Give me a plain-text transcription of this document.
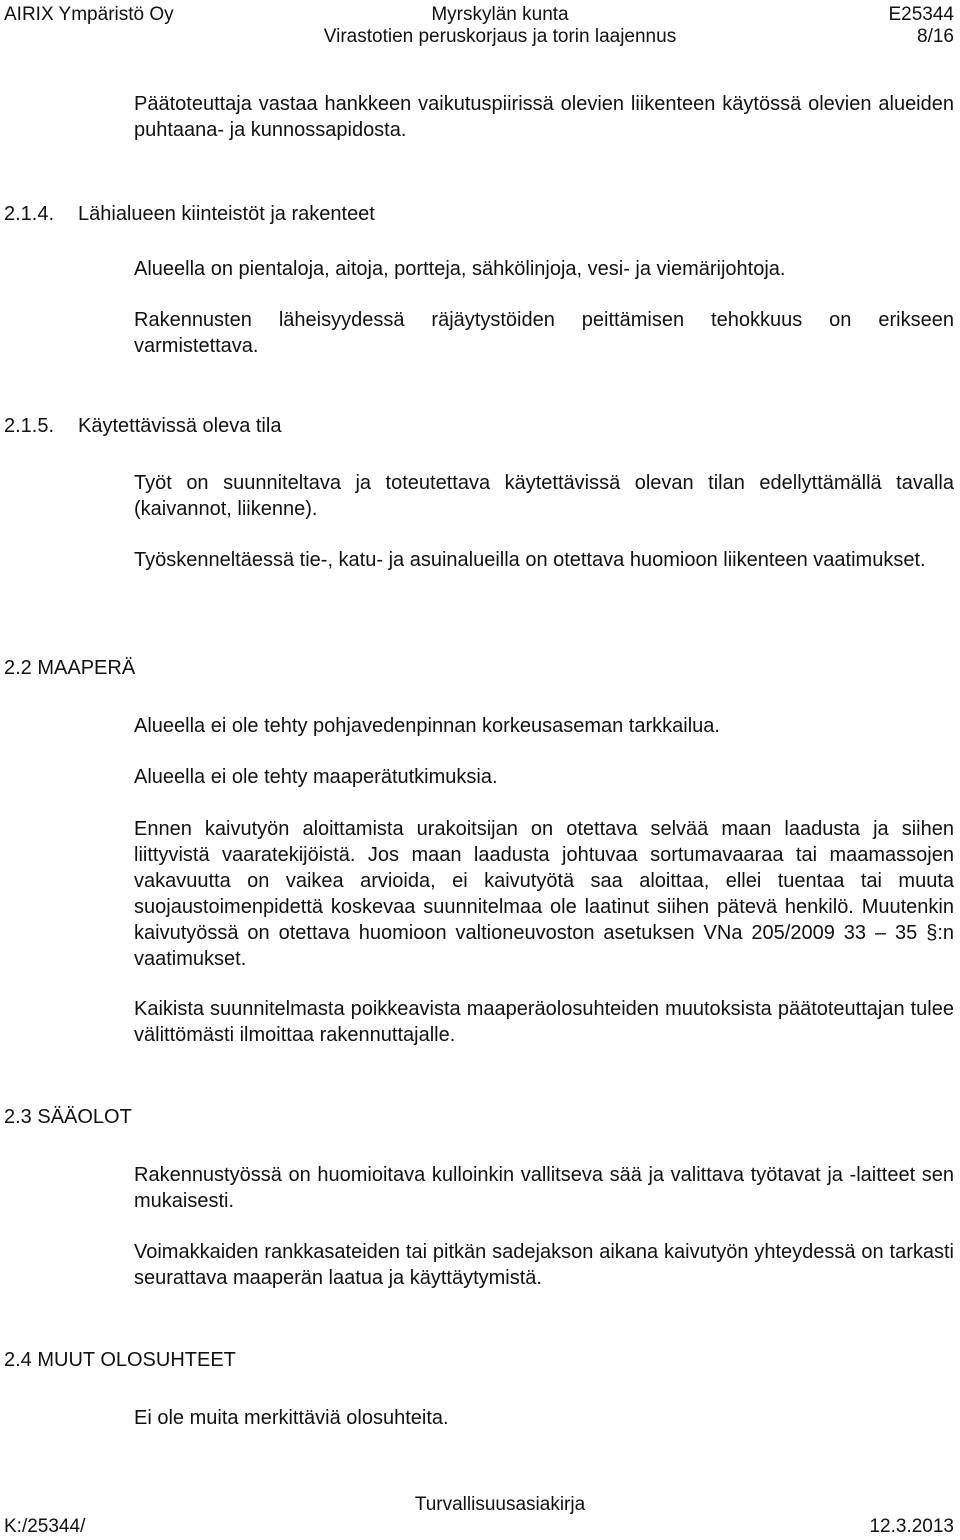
AIRIX Ympäristö Oy	Myrskylän kunta
Virastotien peruskorjaus ja torin laajennus
E25344
8/16

Päätoteuttaja vastaa hankkeen vaikutuspiirissä olevien liikenteen käytössä olevien alueiden puhtaana- ja kunnossapidosta.

2.1.4. Lähialueen kiinteistöt ja rakenteet

Alueella on pientaloja, aitoja, portteja, sähkölinjoja, vesi- ja viemärijohtoja.

Rakennusten läheisyydessä räjäytystöiden peittämisen tehokkuus on erikseen varmistettava.

2.1.5. Käytettävissä oleva tila

Työt on suunniteltava ja toteutettava käytettävissä olevan tilan edellyttämällä tavalla (kaivannot, liikenne).

Työskenneltäessä tie-, katu- ja asuinalueilla on otettava huomioon liikenteen vaatimukset.

2.2 MAAPERÄ

Alueella ei ole tehty pohjavedenpinnan korkeusaseman tarkkailua.

Alueella ei ole tehty maaperätutkimuksia.

Ennen kaivutyön aloittamista urakoitsijan on otettava selvää maan laadusta ja siihen liittyvistä vaaratekijöistä. Jos maan laadusta johtuvaa sortumavaaraa tai maamassojen vakavuutta on vaikea arvioida, ei kaivutyötä saa aloittaa, ellei tuentaa tai muuta suojaustoimenpidettä koskevaa suunnitelmaa ole laatinut siihen pätevä henkilö. Muutenkin kaivutyössä on otettava huomioon valtioneuvoston asetuksen VNa 205/2009 33 – 35 §:n vaatimukset.

Kaikista suunnitelmasta poikkeavista maaperäolosuhteiden muutoksista päätoteuttajan tulee välittömästi ilmoittaa rakennuttajalle.

2.3 SÄÄOLOT

Rakennustyössä on huomioitava kulloinkin vallitseva sää ja valittava työtavat ja -laitteet sen mukaisesti.

Voimakkaiden rankkasateiden tai pitkän sadejakson aikana kaivutyön yhteydessä on tarkasti seurattava maaperän laatua ja käyttäytymistä.

2.4 MUUT OLOSUHTEET

Ei ole muita merkittäviä olosuhteita.

Turvallisuusasiakirja
K:/25344/	12.3.2013
